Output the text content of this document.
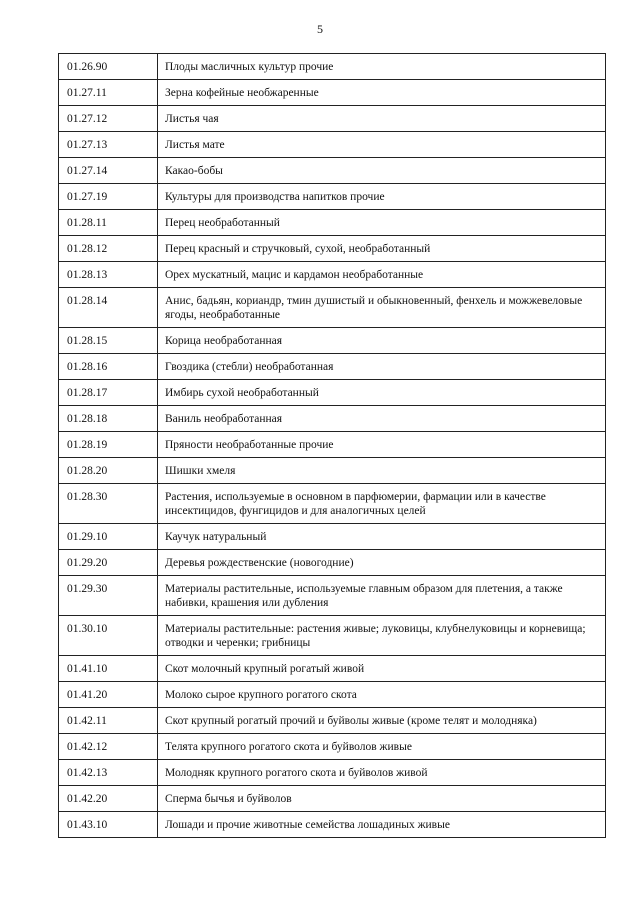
5
01.26.90	Плоды масличных культур прочие
01.27.11	Зерна кофейные необжаренные
01.27.12	Листья чая
01.27.13	Листья мате
01.27.14	Какао-бобы
01.27.19	Культуры для производства напитков прочие
01.28.11	Перец необработанный
01.28.12	Перец красный и стручковый, сухой, необработанный
01.28.13	Орех мускатный, мацис и кардамон необработанные
01.28.14	Анис, бадьян, кориандр, тмин душистый и обыкновенный, фенхель и можжевеловые ягоды, необработанные
01.28.15	Корица необработанная
01.28.16	Гвоздика (стебли) необработанная
01.28.17	Имбирь сухой необработанный
01.28.18	Ваниль необработанная
01.28.19	Пряности необработанные прочие
01.28.20	Шишки хмеля
01.28.30	Растения, используемые в основном в парфюмерии, фармации или в качестве инсектицидов, фунгицидов и для аналогичных целей
01.29.10	Каучук натуральный
01.29.20	Деревья рождественские (новогодние)
01.29.30	Материалы растительные, используемые главным образом для плетения, а также набивки, крашения или дубления
01.30.10	Материалы растительные: растения живые; луковицы, клубнелуковицы и корневища; отводки и черенки; грибницы
01.41.10	Скот молочный крупный рогатый живой
01.41.20	Молоко сырое крупного рогатого скота
01.42.11	Скот крупный рогатый прочий и буйволы живые (кроме телят и молодняка)
01.42.12	Телята крупного рогатого скота и буйволов живые
01.42.13	Молодняк крупного рогатого скота и буйволов живой
01.42.20	Сперма бычья и буйволов
01.43.10	Лошади и прочие животные семейства лошадиных живые
